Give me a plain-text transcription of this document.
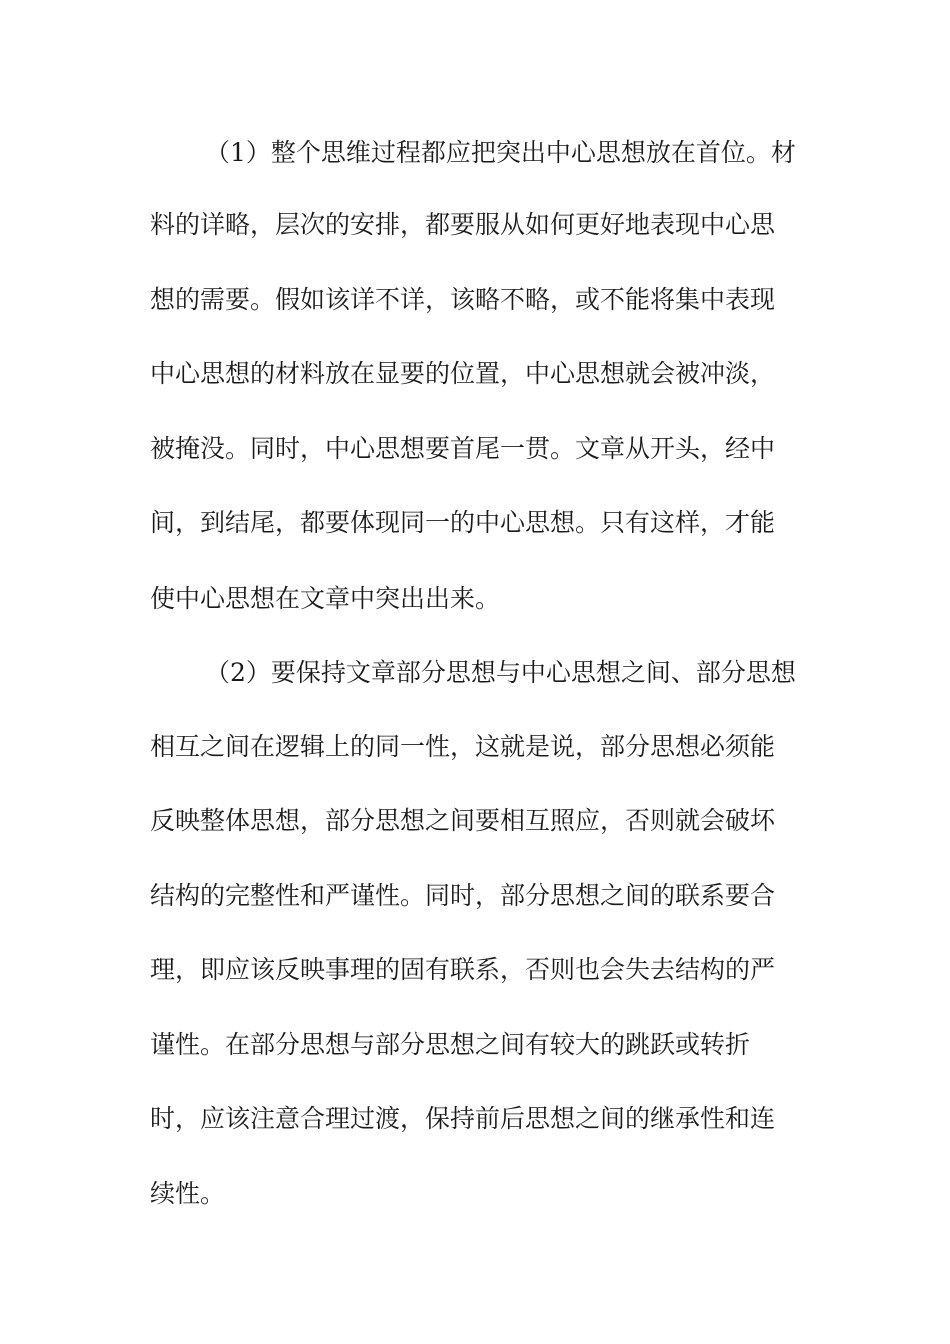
（1）整个思维过程都应把突出中心思想放在首位。材

料的详略，层次的安排，都要服从如何更好地表现中心思

想的需要。假如该详不详，该略不略，或不能将集中表现

中心思想的材料放在显要的位置，中心思想就会被冲淡，

被掩没。同时，中心思想要首尾一贯。文章从开头，经中

间，到结尾，都要体现同一的中心思想。只有这样，才能

使中心思想在文章中突出出来。

（2）要保持文章部分思想与中心思想之间、部分思想

相互之间在逻辑上的同一性，这就是说，部分思想必须能

反映整体思想，部分思想之间要相互照应，否则就会破坏

结构的完整性和严谨性。同时，部分思想之间的联系要合

理，即应该反映事理的固有联系，否则也会失去结构的严

谨性。在部分思想与部分思想之间有较大的跳跃或转折

时，应该注意合理过渡，保持前后思想之间的继承性和连

续性。
